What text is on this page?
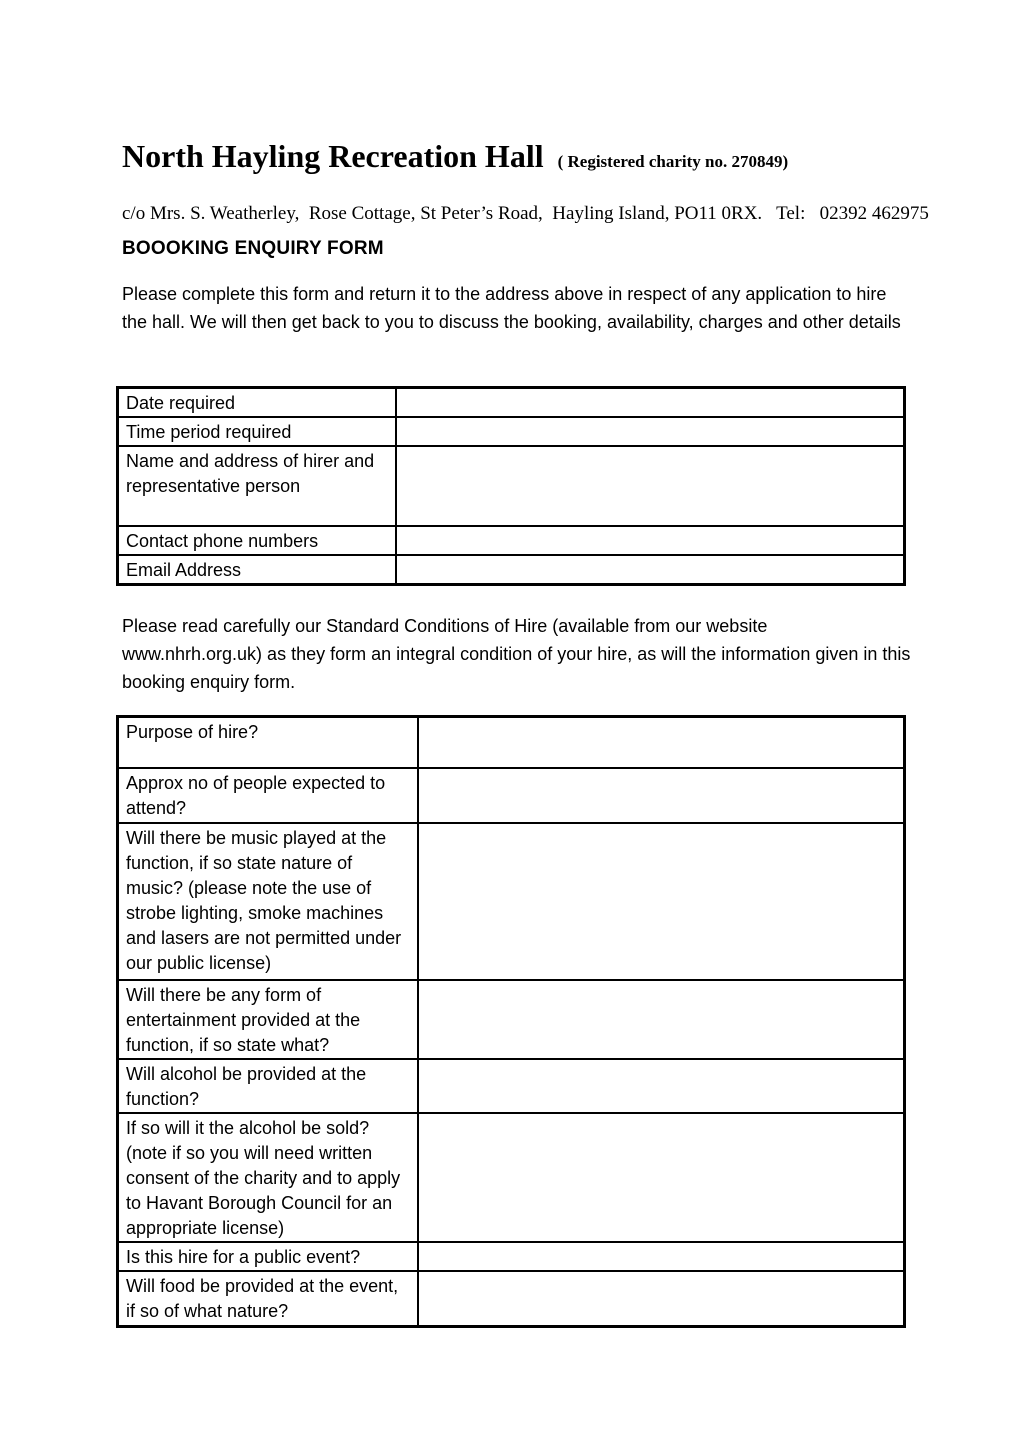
North Hayling Recreation Hall ( Registered charity no. 270849)

c/o Mrs. S. Weatherley,  Rose Cottage, St Peter’s Road,  Hayling Island, PO11 0RX.   Tel:   02392 462975

BOOOKING ENQUIRY FORM

Please complete this form and return it to the address above in respect of any application to hire the hall. We will then get back to you to discuss the booking, availability, charges and other details

Date required	
Time period required	
Name and address of hirer and representative person	
Contact phone numbers	
Email Address	

Please read carefully our Standard Conditions of Hire (available from our website www.nhrh.org.uk) as they form an integral condition of your hire, as will the information given in this booking enquiry form.

Purpose of hire?	
Approx no of people expected to attend?	
Will there be music played at the function, if so state nature of music? (please note the use of strobe lighting, smoke machines and lasers are not permitted under our public license)	
Will there be any form of entertainment provided at the function, if so state what?	
Will alcohol be provided at the function?	
If so will it the alcohol be sold? (note if so you will need written consent of the charity and to apply to Havant Borough Council for an appropriate license)	
Is this hire for a public event?	
Will food be provided at the event, if so of what nature?	
